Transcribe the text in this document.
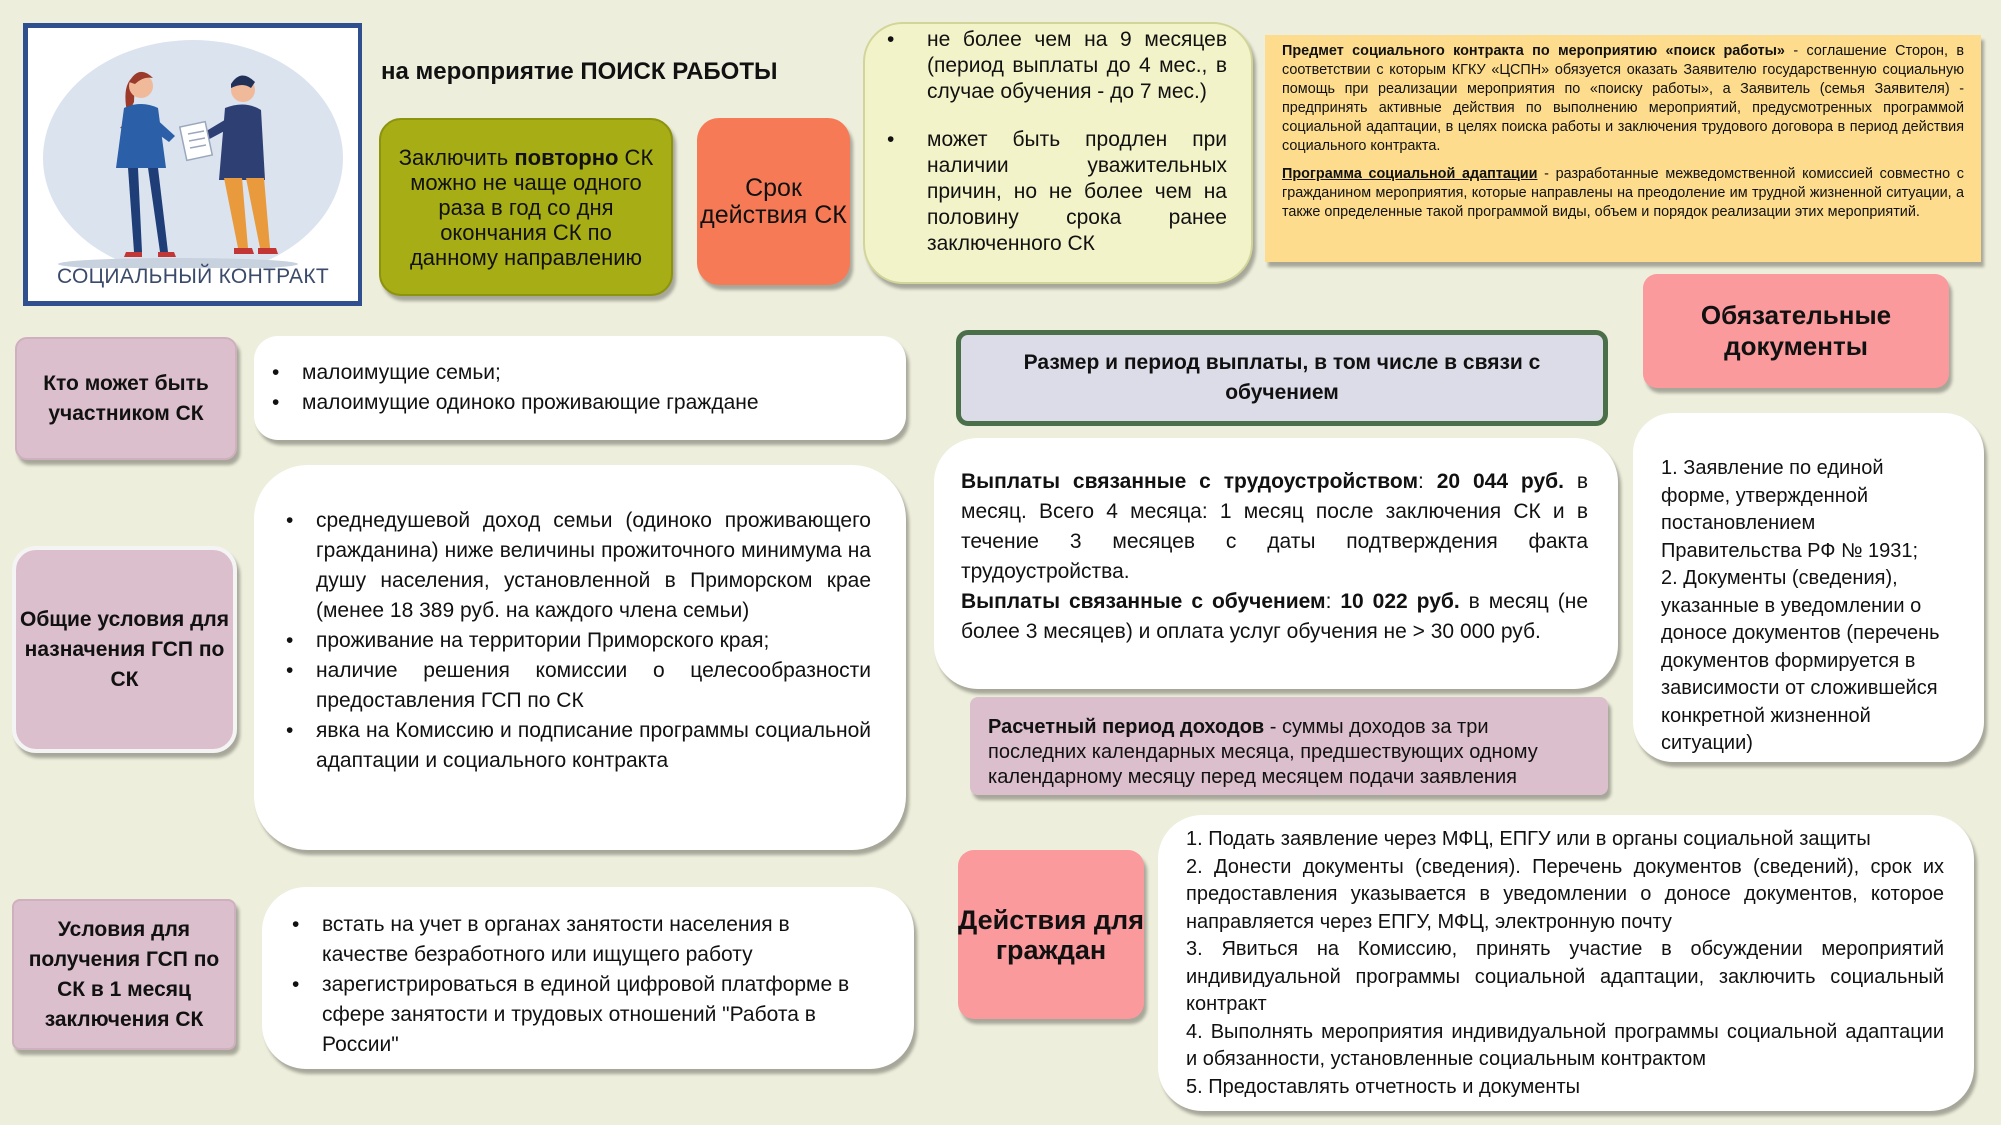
СОЦИАЛЬНЫЙ КОНТРАКТ
на мероприятие ПОИСК РАБОТЫ
Заключить повторно СК можно не чаще одного раза в год со дня окончания СК по данному направлению
Срок действия СК
• не более чем на 9 месяцев (период выплаты до 4 мес., в случае обучения - до 7 мес.)
• может быть продлен при наличии уважительных причин, но не более чем на половину срока ранее заключенного СК

Предмет социального контракта по мероприятию «поиск работы» - соглашение Сторон, в соответствии с которым КГКУ «ЦСПН» обязуется оказать Заявителю государственную социальную помощь при реализации мероприятия по «поиску работы», а Заявитель (семья Заявителя) - предпринять активные действия по выполнению мероприятий, предусмотренных программой социальной адаптации, в целях поиска работы и заключения трудового договора в период действия социального контракта.

Программа социальной адаптации - разработанные межведомственной комиссией совместно с гражданином мероприятия, которые направлены на преодоление им трудной жизненной ситуации, а также определенные такой программой виды, объем и порядок реализации этих мероприятий.

Кто может быть участником СК
• малоимущие семьи;
• малоимущие одиноко проживающие граждане
Общие условия для назначения ГСП по СК
• среднедушевой доход семьи (одиноко проживающего гражданина) ниже величины прожиточного минимума на душу населения, установленной в Приморском крае (менее 18 389 руб. на каждого члена семьи)
• проживание на территории Приморского края;
• наличие решения комиссии о целесообразности предоставления ГСП по СК
• явка на Комиссию и подписание программы социальной адаптации и социального контракта
Условия для получения ГСП по СК в 1 месяц заключения СК
• встать на учет в органах занятости населения в качестве безработного или ищущего работу
• зарегистрироваться в единой цифровой платформе в сфере занятости и трудовых отношений "Работа в России"
Размер и период выплаты, в том числе в связи с обучением
Выплаты связанные с трудоустройством: 20 044 руб. в месяц. Всего 4 месяца: 1 месяц после заключения СК и в течение 3 месяцев с даты подтверждения факта трудоустройства.
Выплаты связанные с обучением: 10 022 руб. в месяц (не более 3 месяцев) и оплата услуг обучения не > 30 000 руб.
Расчетный период доходов - суммы доходов за три последних календарных месяца, предшествующих одному календарному месяцу перед месяцем подачи заявления
Обязательные документы
1. Заявление по единой форме, утвержденной постановлением Правительства РФ № 1931;
2. Документы (сведения), указанные в уведомлении о доносе документов (перечень документов формируется в зависимости от сложившейся конкретной жизненной ситуации)
Действия для граждан
1. Подать заявление через МФЦ, ЕПГУ или в органы социальной защиты
2. Донести документы (сведения). Перечень документов (сведений), срок их предоставления указывается в уведомлении о доносе документов, которое направляется через ЕПГУ, МФЦ, электронную почту
3. Явиться на Комиссию, принять участие в обсуждении мероприятий индивидуальной программы социальной адаптации, заключить социальный контракт
4. Выполнять мероприятия индивидуальной программы социальной адаптации и обязанности, установленные социальным контрактом
5. Предоставлять отчетность и документы
